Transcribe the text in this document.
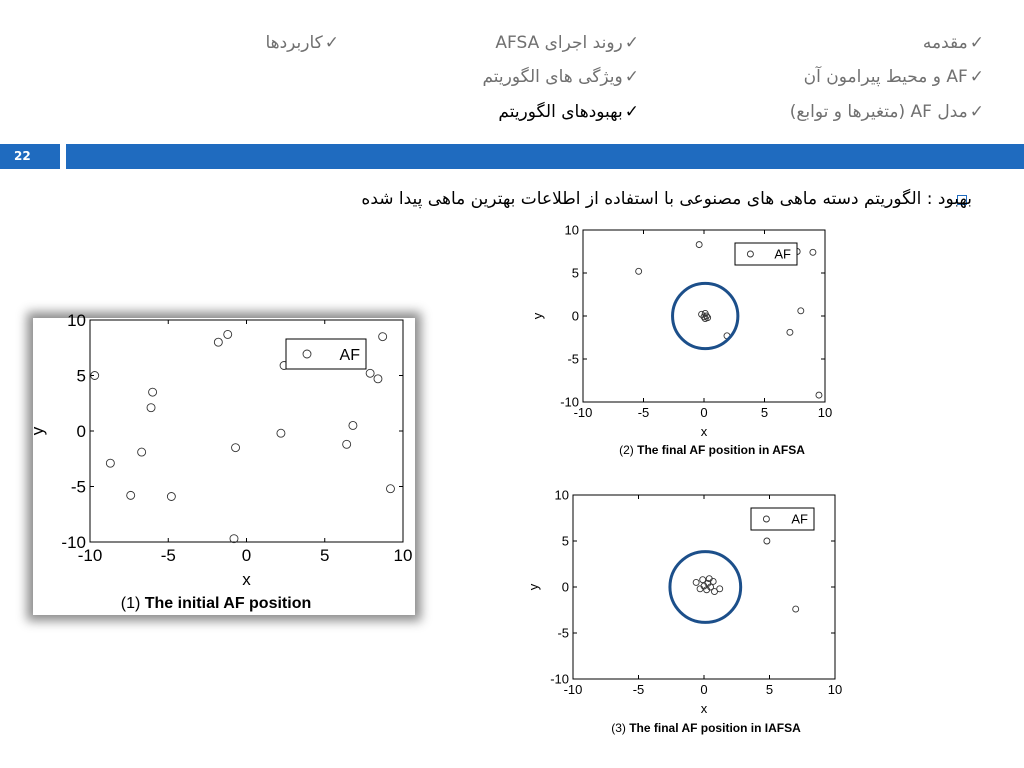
✓مقدمه
✓AF و محیط پیرامون آن
✓مدل AF (متغیرها و توابع)
✓روند اجرای AFSA
✓ویژگی های الگوریتم
✓بهبودهای الگوریتم
✓کاربردها
22
بهبود : الگوریتم دسته ماهی های مصنوعی با استفاده از اطلاعات بهترین ماهی پیدا شده
-10	-5	0	5	10
-10
-5
0
5
10
x
y
AF
(1) The initial AF position
-10	-5	0	5	10
-10
-5
0
5
10
x
y
AF
(2) The final AF position in AFSA
-10	-5	0	5	10
-10
-5
0
5
10
x
y
AF
(3) The final AF position in IAFSA
